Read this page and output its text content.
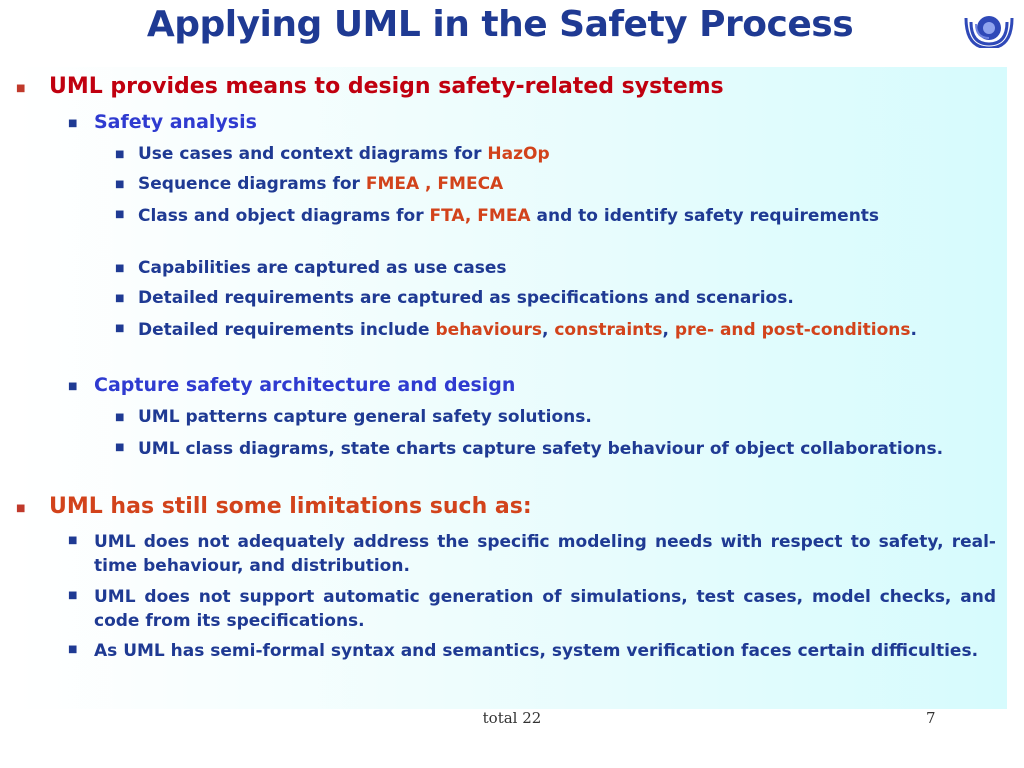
Applying UML in the Safety Process
■ UML provides means to design safety-related systems
■ Safety analysis
■ Use cases and context diagrams for HazOp
■ Sequence diagrams for FMEA , FMECA
■ Class and object diagrams for FTA, FMEA and to identify safety requirements
■ Capabilities are captured as use cases
■ Detailed requirements are captured as specifications and scenarios.
■ Detailed requirements include behaviours, constraints, pre- and post-conditions.
■ Capture safety architecture and design
■ UML patterns capture general safety solutions.
■ UML class diagrams, state charts capture safety behaviour of object collaborations.
■ UML has still some limitations such as:
■ UML does not adequately address the specific modeling needs with respect to safety, real-time behaviour, and distribution.
■ UML does not support automatic generation of simulations, test cases, model checks, and code from its specifications.
■ As UML has semi-formal syntax and semantics, system verification faces certain difficulties.
total 22	7
